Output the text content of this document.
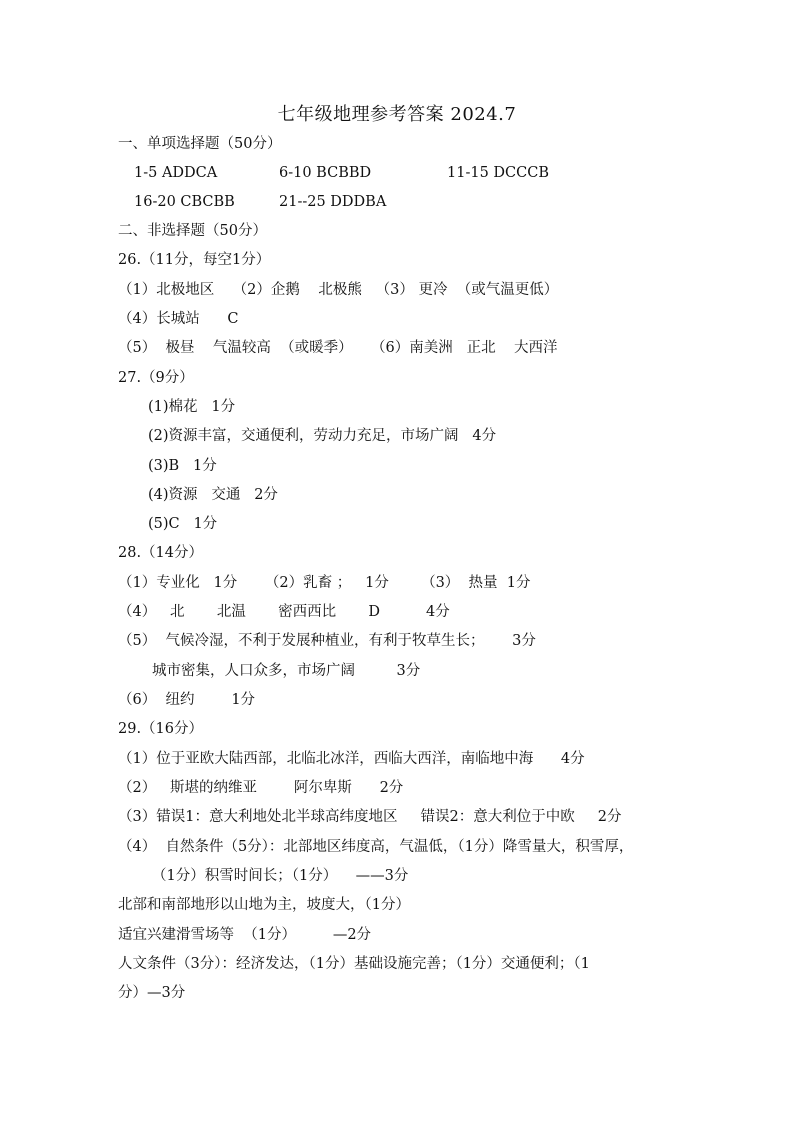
七年级地理参考答案 2024.7
一、单项选择题（50分）
1-5 ADDCA	6-10 BCBBD	11-15 DCCCB
16-20 CBCBB	21--25 DDDBA
二、非选择题（50分）
26.（11分，每空1分）
（1）北极地区    （2）企鹅    北极熊   （3） 更冷  （或气温更低）
（4）长城站      C
（5）  极昼    气温较高  （或暖季）    （6）南美洲   正北    大西洋
27.（9分）
(1)棉花   1分
(2)资源丰富，交通便利，劳动力充足，市场广阔   4分
(3)B   1分
(4)资源   交通   2分
(5)C   1分
28.（14分）
（1）专业化   1分      （2）乳畜 ；   1分       （3）  热量  1分
（4）   北       北温       密西西比       D          4分
（5）  气候冷湿，不利于发展种植业，有利于牧草生长；      3分
城市密集，人口众多，市场广阔         3分
（6）  纽约        1分
29.（16分）
（1）位于亚欧大陆西部，北临北冰洋，西临大西洋，南临地中海      4分
（2）   斯堪的纳维亚        阿尔卑斯      2分
（3）错误1：意大利地处北半球高纬度地区     错误2：意大利位于中欧     2分
（4）  自然条件（5分）：北部地区纬度高，气温低，（1分）降雪量大，积雪厚，
（1分）积雪时间长；（1分）    ——3分
北部和南部地形以山地为主，坡度大，（1分）
适宜兴建滑雪场等  （1分）        —2分
人文条件（3分）：经济发达，（1分）基础设施完善；（1分）交通便利；（1
分）—3分
